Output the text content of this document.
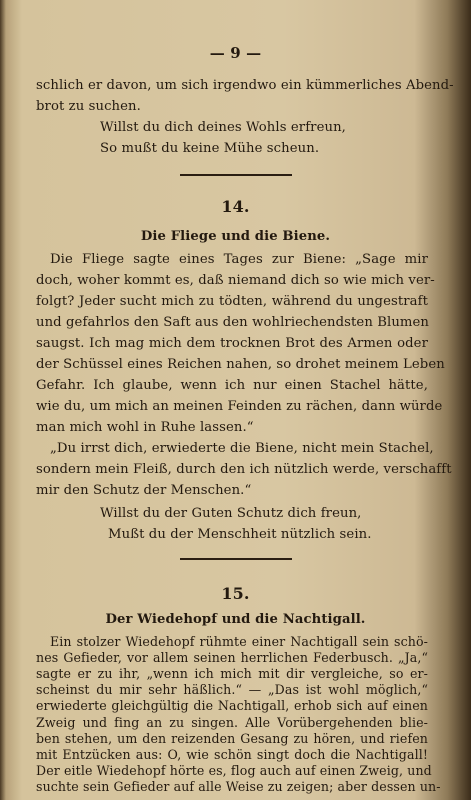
— 9 —
schlich er davon, um sich irgendwo ein kümmerliches Abend-
brot zu suchen.
Willst du dich deines Wohls erfreun,
So mußt du keine Mühe scheun.
14.
Die Fliege und die Biene.
Die Fliege sagte eines Tages zur Biene: „Sage mir
doch, woher kommt es, daß niemand dich so wie mich ver-
folgt? Jeder sucht mich zu tödten, während du ungestraft
und gefahrlos den Saft aus den wohlriechendsten Blumen
saugst. Ich mag mich dem trocknen Brot des Armen oder
der Schüssel eines Reichen nahen, so drohet meinem Leben
Gefahr. Ich glaube, wenn ich nur einen Stachel hätte,
wie du, um mich an meinen Feinden zu rächen, dann würde
man mich wohl in Ruhe lassen.“
„Du irrst dich, erwiederte die Biene, nicht mein Stachel,
sondern mein Fleiß, durch den ich nützlich werde, verschafft
mir den Schutz der Menschen.“
Willst du der Guten Schutz dich freun,
Mußt du der Menschheit nützlich sein.
15.
Der Wiedehopf und die Nachtigall.
Ein stolzer Wiedehopf rühmte einer Nachtigall sein schö-
nes Gefieder, vor allem seinen herrlichen Federbusch. „Ja,“
sagte er zu ihr, „wenn ich mich mit dir vergleiche, so er-
scheinst du mir sehr häßlich.“ — „Das ist wohl möglich,“
erwiederte gleichgültig die Nachtigall, erhob sich auf einen
Zweig und fing an zu singen. Alle Vorübergehenden blie-
ben stehen, um den reizenden Gesang zu hören, und riefen
mit Entzücken aus: O, wie schön singt doch die Nachtigall!
Der eitle Wiedehopf hörte es, flog auch auf einen Zweig, und
suchte sein Gefieder auf alle Weise zu zeigen; aber dessen un-
